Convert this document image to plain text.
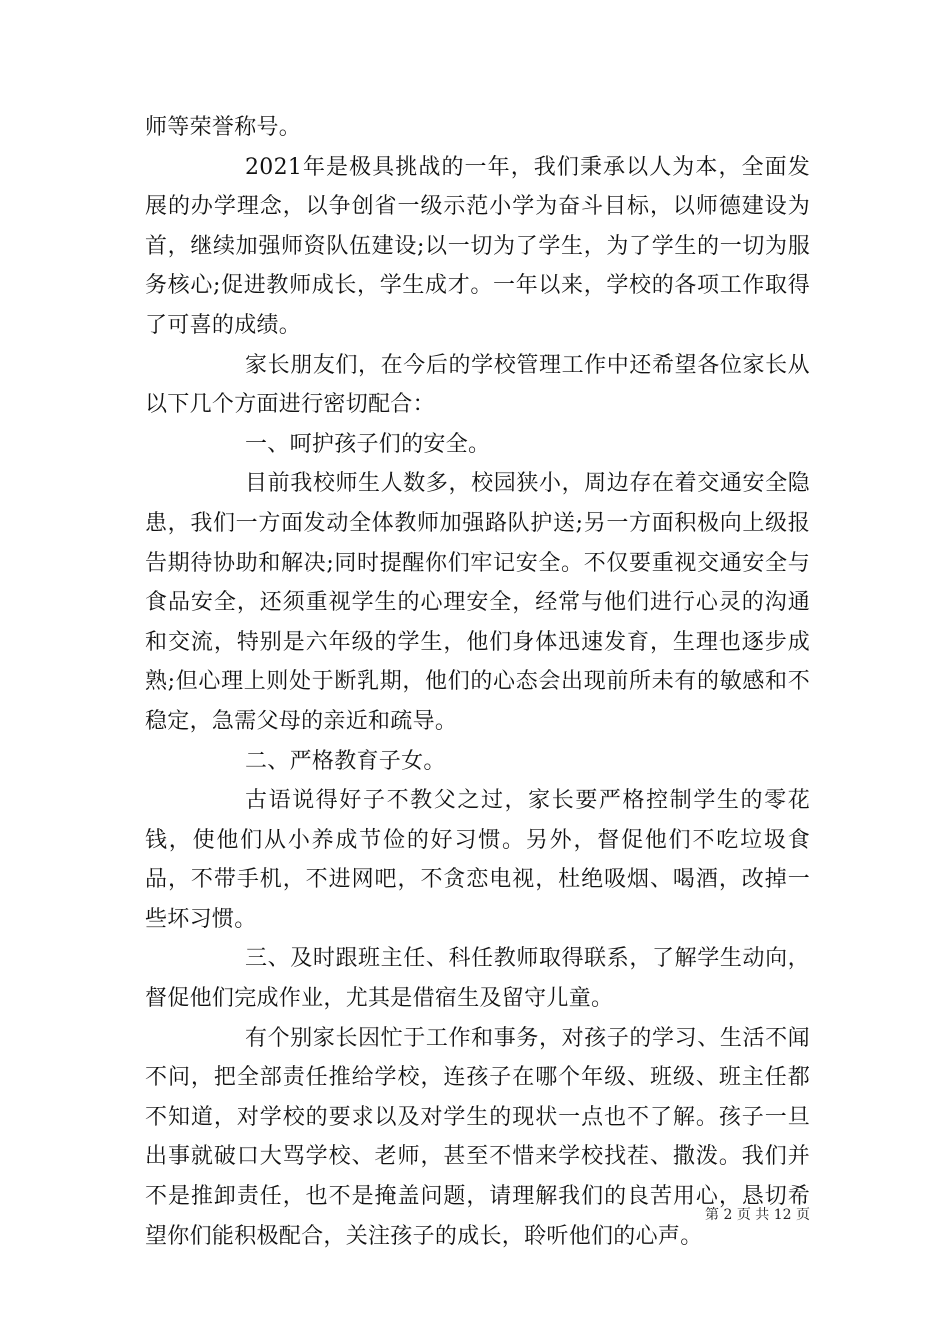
师等荣誉称号。

2021年是极具挑战的一年，我们秉承以人为本，全面发展的办学理念，以争创省一级示范小学为奋斗目标，以师德建设为首，继续加强师资队伍建设;以一切为了学生，为了学生的一切为服务核心;促进教师成长，学生成才。一年以来，学校的各项工作取得了可喜的成绩。

家长朋友们，在今后的学校管理工作中还希望各位家长从以下几个方面进行密切配合：

一、呵护孩子们的安全。

目前我校师生人数多，校园狭小，周边存在着交通安全隐患，我们一方面发动全体教师加强路队护送;另一方面积极向上级报告期待协助和解决;同时提醒你们牢记安全。不仅要重视交通安全与食品安全，还须重视学生的心理安全，经常与他们进行心灵的沟通和交流，特别是六年级的学生，他们身体迅速发育，生理也逐步成熟;但心理上则处于断乳期，他们的心态会出现前所未有的敏感和不稳定，急需父母的亲近和疏导。

二、严格教育子女。

古语说得好子不教父之过，家长要严格控制学生的零花钱，使他们从小养成节俭的好习惯。另外，督促他们不吃垃圾食品，不带手机，不进网吧，不贪恋电视，杜绝吸烟、喝酒，改掉一些坏习惯。

三、及时跟班主任、科任教师取得联系，了解学生动向，督促他们完成作业，尤其是借宿生及留守儿童。

有个别家长因忙于工作和事务，对孩子的学习、生活不闻不问，把全部责任推给学校，连孩子在哪个年级、班级、班主任都不知道，对学校的要求以及对学生的现状一点也不了解。孩子一旦出事就破口大骂学校、老师，甚至不惜来学校找茬、撒泼。我们并不是推卸责任，也不是掩盖问题，请理解我们的良苦用心，恳切希望你们能积极配合，关注孩子的成长，聆听他们的心声。

第 2 页 共 12 页
